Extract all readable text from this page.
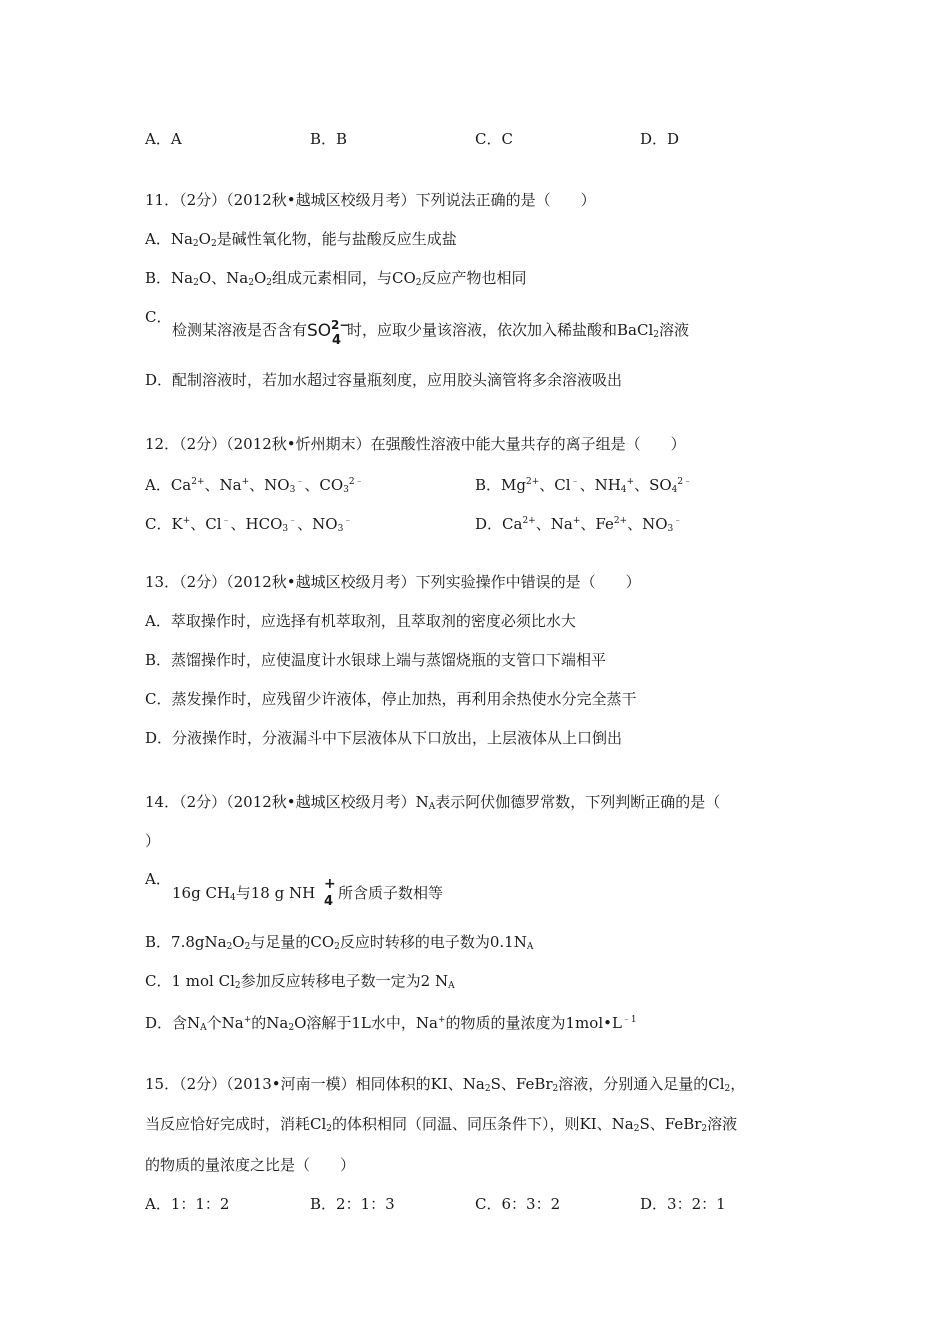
A．A	B．B	C．C	D．D
11．（2分）（2012秋•越城区校级月考）下列说法正确的是（　　）
A．$Na_2O_2$是碱性氧化物，能与盐酸反应生成盐
B．$Na_2O$、$Na_2O_2$组成元素相同，与$CO_2$反应产物也相同
C．
检测某溶液是否含有 SO 2−
4
时，应取少量该溶液，依次加入稀盐酸和BaCl$_2$溶液
D．配制溶液时，若加水超过容量瓶刻度，应用胶头滴管将多余溶液吸出
12．（2分）（2012秋•忻州期末）在强酸性溶液中能大量共存的离子组是（　　）
A．$Ca^{2+}$、Na+、$NO_3^﹣$、$CO_3^{2﹣}$	B．$Mg^{2+}$、Cl﹣、$NH_4^+$、$SO_4^{2﹣}$
C．K+、Cl﹣、$HCO_3^﹣$、$NO_3^﹣$	D．$Ca^{2+}$、Na+、$Fe^{2+}$、$NO_3^﹣$
13．（2分）（2012秋•越城区校级月考）下列实验操作中错误的是（　　）
A．萃取操作时，应选择有机萃取剂，且萃取剂的密度必须比水大
B．蒸馏操作时，应使温度计水银球上端与蒸馏烧瓶的支管口下端相平
C．蒸发操作时，应残留少许液体，停止加热，再利用余热使水分完全蒸干
D．分液操作时，分液漏斗中下层液体从下口放出，上层液体从上口倒出
14．（2分）（2012秋•越城区校级月考）$N_A$表示阿伏伽德罗常数，下列判断正确的是（
）
A．
16g $CH_4$与18 g NH +
4 所含质子数相等
B．$7.8gNa_2O_2$与足量的$CO_2$反应时转移的电子数为$0.1N_A$
C．1 mol $Cl_2$参加反应转移电子数一定为2 $N_A$
D．含$N_A$个Na+的$Na_2O$溶解于1L水中，Na+的物质的量浓度为$1mol•L^{﹣1}$
15．（2分）（2013•河南一模）相同体积的KI、$Na_2S$、FeBr$_2$溶液，分别通入足量的$Cl_2$，
当反应恰好完成时，消耗$Cl_2$的体积相同（同温、同压条件下），则KI、$Na_2S$、FeBr$_2$溶液
的物质的量浓度之比是（　　）
A．1：1：2	B．2：1：3	C．6：3：2	D．3：2：1
